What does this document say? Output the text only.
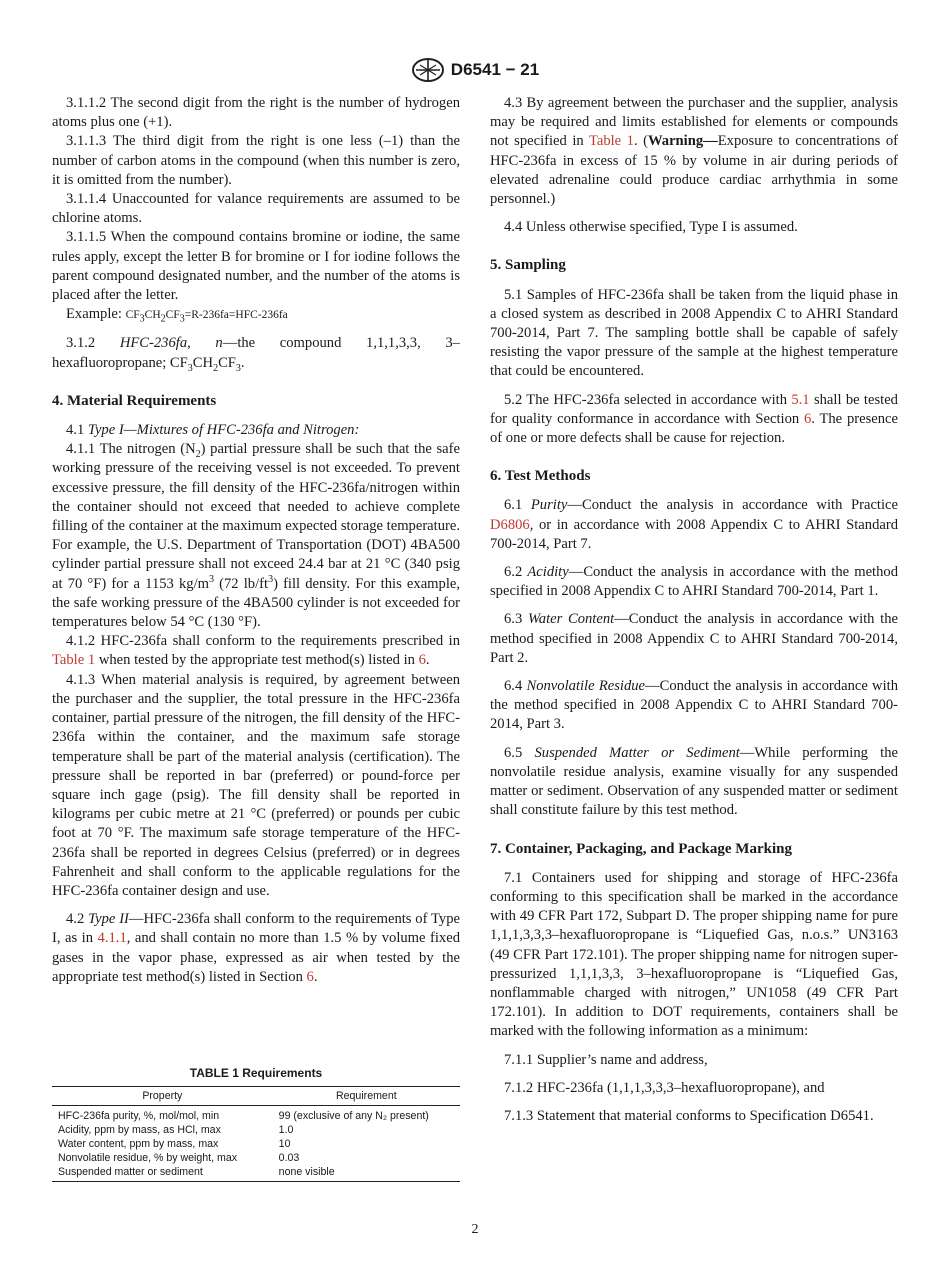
D6541 − 21

3.1.1.2 The second digit from the right is the number of hydrogen atoms plus one (+1).

3.1.1.3 The third digit from the right is one less (–1) than the number of carbon atoms in the compound (when this number is zero, it is omitted from the number).

3.1.1.4 Unaccounted for valance requirements are assumed to be chlorine atoms.

3.1.1.5 When the compound contains bromine or iodine, the same rules apply, except the letter B for bromine or I for iodine follows the parent compound designated number, and the number of the atoms is placed after the letter.

Example: $CF_3CH_2CF_3=R-236fa=HFC-236fa$

3.1.2 HFC-236fa, n—the compound 1,1,1,3,3, 3–hexafluoropropane; $CF_3CH_2CF_3$.

4. Material Requirements

4.1 Type I—Mixtures of HFC-236fa and Nitrogen:

4.1.1 The nitrogen $(N_2)$ partial pressure shall be such that the safe working pressure of the receiving vessel is not exceeded. To prevent excessive pressure, the fill density of the HFC-236fa/nitrogen within the container should not exceed that needed to achieve complete filling of the container at the maximum expected storage temperature. For example, the U.S. Department of Transportation (DOT) 4BA500 cylinder partial pressure shall not exceed 24.4 bar at 21 °C (340 psig at 70 °F) for a 1153 $kg/m^3$ (72 $lb/ft^3$) fill density. For this example, the safe working pressure of the 4BA500 cylinder is not exceeded for temperatures below 54 °C (130 °F).

4.1.2 HFC-236fa shall conform to the requirements prescribed in Table 1 when tested by the appropriate test method(s) listed in 6.

4.1.3 When material analysis is required, by agreement between the purchaser and the supplier, the total pressure in the HFC-236fa container, partial pressure of the nitrogen, the fill density of the HFC-236fa within the container, and the maximum safe storage temperature shall be part of the material analysis (certification). The pressure shall be reported in bar (preferred) or pound-force per square inch gage (psig). The fill density shall be reported in kilograms per cubic metre at 21 °C (preferred) or pounds per cubic foot at 70 °F. The maximum safe storage temperature of the HFC-236fa shall be reported in degrees Celsius (preferred) or in degrees Fahrenheit and shall conform to the applicable regulations for the HFC-236fa container design and use.

4.2 Type II—HFC-236fa shall conform to the requirements of Type I, as in 4.1.1, and shall contain no more than 1.5 % by volume fixed gases in the vapor phase, expressed as air when tested by the appropriate test method(s) listed in Section 6.

TABLE 1 Requirements
Property	Requirement
HFC-236fa purity, %, mol/mol, min	99 (exclusive of any N₂ present)
Acidity, ppm by mass, as HCl, max	1.0
Water content, ppm by mass, max	10
Nonvolatile residue, % by weight, max	0.03
Suspended matter or sediment	none visible

4.3 By agreement between the purchaser and the supplier, analysis may be required and limits established for elements or compounds not specified in Table 1. (Warning—Exposure to concentrations of HFC-236fa in excess of 15 % by volume in air during periods of elevated adrenaline could produce cardiac arrhythmia in some personnel.)

4.4 Unless otherwise specified, Type I is assumed.

5. Sampling

5.1 Samples of HFC-236fa shall be taken from the liquid phase in a closed system as described in 2008 Appendix C to AHRI Standard 700-2014, Part 7. The sampling bottle shall be capable of safely resisting the vapor pressure of the sample at the highest temperature that could be encountered.

5.2 The HFC-236fa selected in accordance with 5.1 shall be tested for quality conformance in accordance with Section 6. The presence of one or more defects shall be cause for rejection.

6. Test Methods

6.1 Purity—Conduct the analysis in accordance with Practice D6806, or in accordance with 2008 Appendix C to AHRI Standard 700-2014, Part 7.

6.2 Acidity—Conduct the analysis in accordance with the method specified in 2008 Appendix C to AHRI Standard 700-2014, Part 1.

6.3 Water Content—Conduct the analysis in accordance with the method specified in 2008 Appendix C to AHRI Standard 700-2014, Part 2.

6.4 Nonvolatile Residue—Conduct the analysis in accordance with the method specified in 2008 Appendix C to AHRI Standard 700-2014, Part 3.

6.5 Suspended Matter or Sediment—While performing the nonvolatile residue analysis, examine visually for any suspended matter or sediment. Observation of any suspended matter or sediment shall constitute failure by this test method.

7. Container, Packaging, and Package Marking

7.1 Containers used for shipping and storage of HFC-236fa conforming to this specification shall be marked in the accordance with 49 CFR Part 172, Subpart D. The proper shipping name for pure 1,1,1,3,3,3–hexafluoropropane is “Liquefied Gas, n.o.s.” UN3163 (49 CFR Part 172.101). The proper shipping name for nitrogen super-pressurized 1,1,1,3,3, 3–hexafluoropropane is “Liquefied Gas, nonflammable charged with nitrogen,” UN1058 (49 CFR Part 172.101). In addition to DOT requirements, containers shall be marked with the following information as a minimum:

7.1.1 Supplier’s name and address,

7.1.2 HFC-236fa (1,1,1,3,3,3–hexafluoropropane), and

7.1.3 Statement that material conforms to Specification D6541.

2
